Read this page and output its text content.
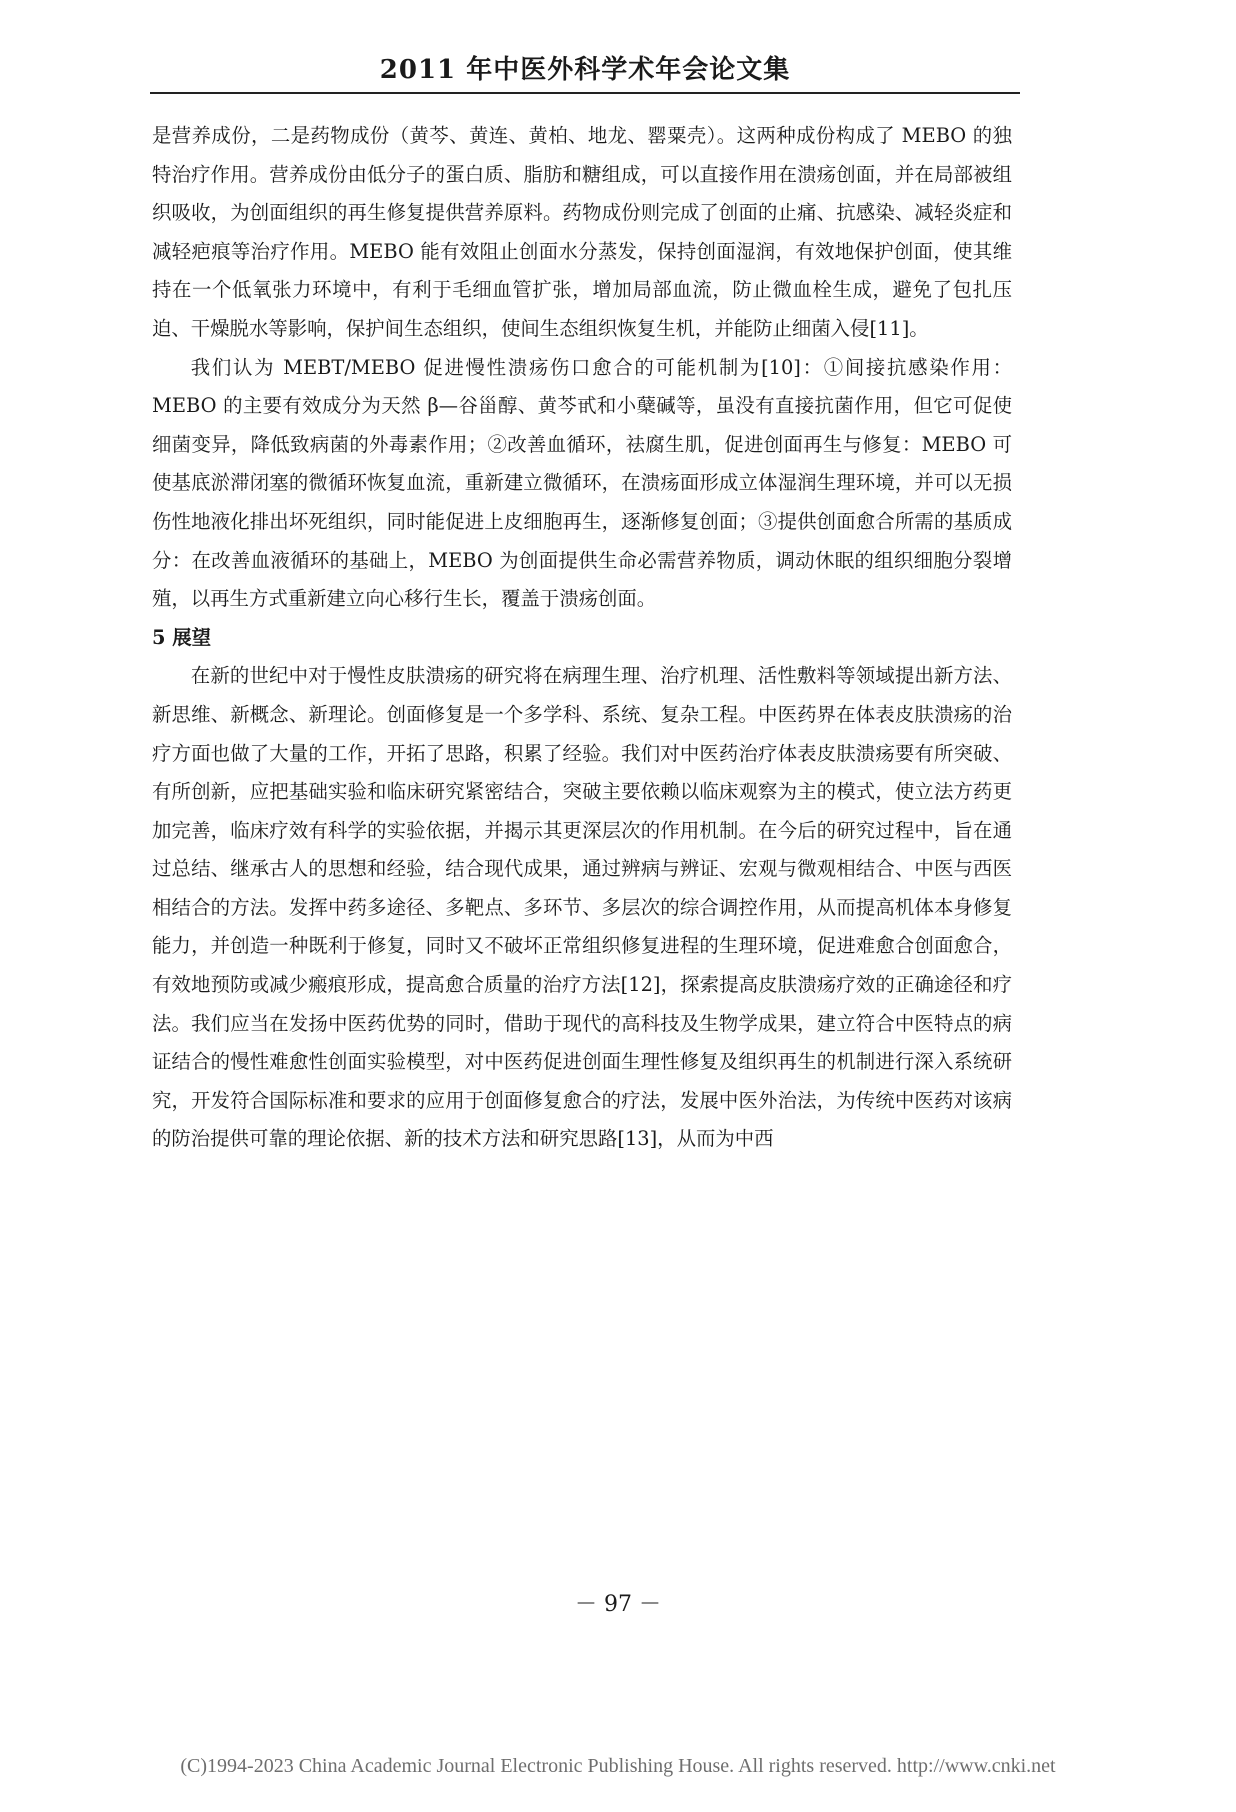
2011 年中医外科学术年会论文集

是营养成份，二是药物成份（黄芩、黄连、黄柏、地龙、罂粟壳）。这两种成份构成了 MEBO 的独特治疗作用。营养成份由低分子的蛋白质、脂肪和糖组成，可以直接作用在溃疡创面，并在局部被组织吸收，为创面组织的再生修复提供营养原料。药物成份则完成了创面的止痛、抗感染、减轻炎症和减轻疤痕等治疗作用。MEBO 能有效阻止创面水分蒸发，保持创面湿润，有效地保护创面，使其维持在一个低氧张力环境中，有利于毛细血管扩张，增加局部血流，防止微血栓生成，避免了包扎压迫、干燥脱水等影响，保护间生态组织，使间生态组织恢复生机，并能防止细菌入侵[11]。

我们认为 MEBT/MEBO 促进慢性溃疡伤口愈合的可能机制为[10]：①间接抗感染作用：MEBO 的主要有效成分为天然 β—谷甾醇、黄芩甙和小蘖碱等，虽没有直接抗菌作用，但它可促使细菌变异，降低致病菌的外毒素作用；②改善血循环，祛腐生肌，促进创面再生与修复：MEBO 可使基底淤滞闭塞的微循环恢复血流，重新建立微循环，在溃疡面形成立体湿润生理环境，并可以无损伤性地液化排出坏死组织，同时能促进上皮细胞再生，逐渐修复创面；③提供创面愈合所需的基质成分：在改善血液循环的基础上，MEBO 为创面提供生命必需营养物质，调动休眠的组织细胞分裂增殖，以再生方式重新建立向心移行生长，覆盖于溃疡创面。

5 展望

在新的世纪中对于慢性皮肤溃疡的研究将在病理生理、治疗机理、活性敷料等领域提出新方法、新思维、新概念、新理论。创面修复是一个多学科、系统、复杂工程。中医药界在体表皮肤溃疡的治疗方面也做了大量的工作，开拓了思路，积累了经验。我们对中医药治疗体表皮肤溃疡要有所突破、有所创新，应把基础实验和临床研究紧密结合，突破主要依赖以临床观察为主的模式，使立法方药更加完善，临床疗效有科学的实验依据，并揭示其更深层次的作用机制。在今后的研究过程中，旨在通过总结、继承古人的思想和经验，结合现代成果，通过辨病与辨证、宏观与微观相结合、中医与西医相结合的方法。发挥中药多途径、多靶点、多环节、多层次的综合调控作用，从而提高机体本身修复能力，并创造一种既利于修复，同时又不破坏正常组织修复进程的生理环境，促进难愈合创面愈合，有效地预防或减少瘢痕形成，提高愈合质量的治疗方法[12]，探索提高皮肤溃疡疗效的正确途径和疗法。我们应当在发扬中医药优势的同时，借助于现代的高科技及生物学成果，建立符合中医特点的病证结合的慢性难愈性创面实验模型，对中医药促进创面生理性修复及组织再生的机制进行深入系统研究，开发符合国际标准和要求的应用于创面修复愈合的疗法，发展中医外治法，为传统中医药对该病的防治提供可靠的理论依据、新的技术方法和研究思路[13]，从而为中西

－ 97 －
(C)1994-2023 China Academic Journal Electronic Publishing House. All rights reserved. http://www.cnki.net
